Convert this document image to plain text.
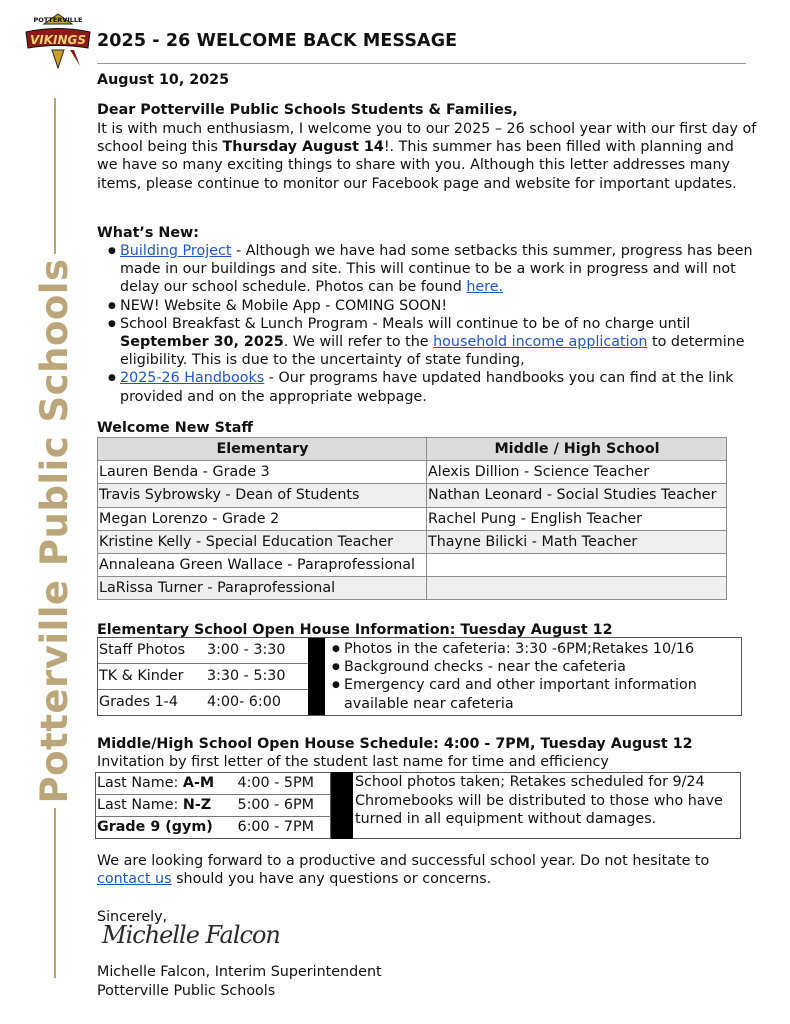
POTTERVILLE
VIKINGS
Potterville Public Schools
2025 - 26 WELCOME BACK MESSAGE
August 10, 2025
Dear Potterville Public Schools Students & Families,
It is with much enthusiasm, I welcome you to our 2025 – 26 school year with our first day of school being this Thursday August 14!. This summer has been filled with planning and we have so many exciting things to share with you. Although this letter addresses many items, please continue to monitor our Facebook page and website for important updates.
What’s New:
● Building Project - Although we have had some setbacks this summer, progress has been made in our buildings and site. This will continue to be a work in progress and will not delay our school schedule. Photos can be found here.
● NEW! Website & Mobile App - COMING SOON!
● School Breakfast & Lunch Program - Meals will continue to be of no charge until September 30, 2025. We will refer to the household income application to determine eligibility. This is due to the uncertainty of state funding,
● 2025-26 Handbooks - Our programs have updated handbooks you can find at the link provided and on the appropriate webpage.
Welcome New Staff
Elementary	Middle / High School
Lauren Benda - Grade 3	Alexis Dillion - Science Teacher
Travis Sybrowsky - Dean of Students	Nathan Leonard - Social Studies Teacher
Megan Lorenzo - Grade 2	Rachel Pung - English Teacher
Kristine Kelly - Special Education Teacher	Thayne Bilicki - Math Teacher
Annaleana Green Wallace - Paraprofessional	
LaRissa Turner - Paraprofessional	
Elementary School Open House Information: Tuesday August 12
Staff Photos	3:00 - 3:30
TK & Kinder	3:30 - 5:30
Grades 1-4	4:00- 6:00
● Photos in the cafeteria: 3:30 -6PM;Retakes 10/16
● Background checks - near the cafeteria
● Emergency card and other important information available near cafeteria
Middle/High School Open House Schedule: 4:00 - 7PM, Tuesday August 12
Invitation by first letter of the student last name for time and efficiency
Last Name: A-M	4:00 - 5PM
Last Name: N-Z	5:00 - 6PM
Grade 9 (gym)	6:00 - 7PM
School photos taken; Retakes scheduled for 9/24 Chromebooks will be distributed to those who have turned in all equipment without damages.
We are looking forward to a productive and successful school year. Do not hesitate to contact us should you have any questions or concerns.
Sincerely,
Michelle Falcon
Michelle Falcon, Interim Superintendent
Potterville Public Schools
